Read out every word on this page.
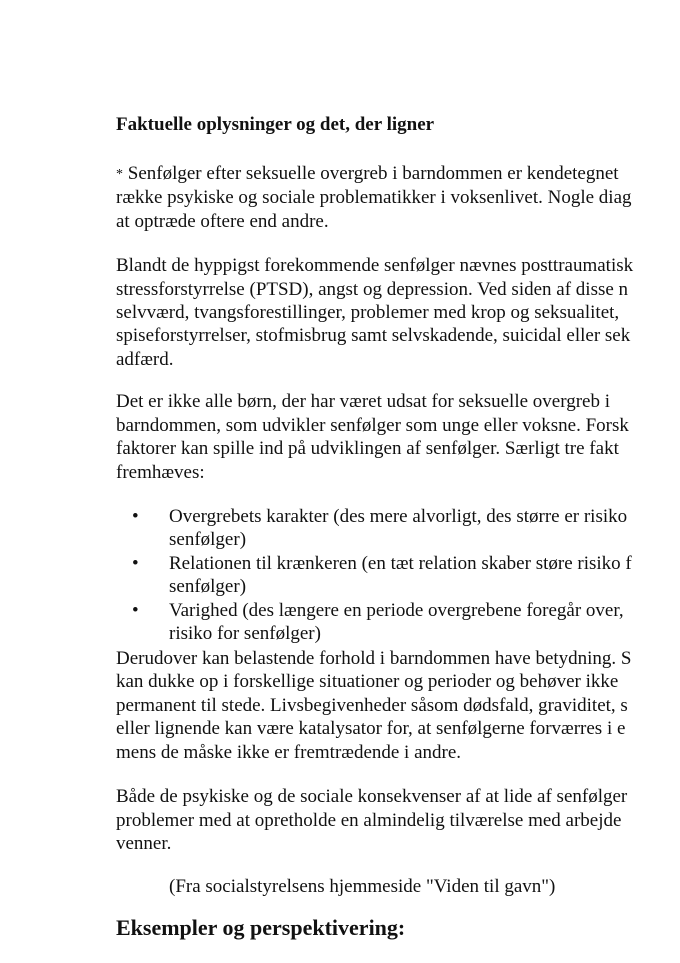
Faktuelle oplysninger og det, der ligner
* Senfølger efter seksuelle overgreb i barndommen er kendetegnet
række psykiske og sociale problematikker i voksenlivet. Nogle diag
at optræde oftere end andre.
Blandt de hyppigst forekommende senfølger nævnes posttraumatisk
stressforstyrrelse (PTSD), angst og depression. Ved siden af disse n
selvværd, tvangsforestillinger, problemer med krop og seksualitet,
spiseforstyrrelser, stofmisbrug samt selvskadende, suicidal eller sek
adfærd.
Det er ikke alle børn, der har været udsat for seksuelle overgreb i
barndommen, som udvikler senfølger som unge eller voksne. Forsk
faktorer kan spille ind på udviklingen af senfølger. Særligt tre fakt
fremhæves:
• Overgrebets karakter (des mere alvorligt, des større er risiko
senfølger)
• Relationen til krænkeren (en tæt relation skaber støre risiko f
senfølger)
• Varighed (des længere en periode overgrebene foregår over,
risiko for senfølger)
Derudover kan belastende forhold i barndommen have betydning. S
kan dukke op i forskellige situationer og perioder og behøver ikke
permanent til stede. Livsbegivenheder såsom dødsfald, graviditet, s
eller lignende kan være katalysator for, at senfølgerne forværres i e
mens de måske ikke er fremtrædende i andre.
Både de psykiske og de sociale konsekvenser af at lide af senfølger
problemer med at opretholde en almindelig tilværelse med arbejde
venner.
(Fra socialstyrelsens hjemmeside "Viden til gavn")
Eksempler og perspektivering:
